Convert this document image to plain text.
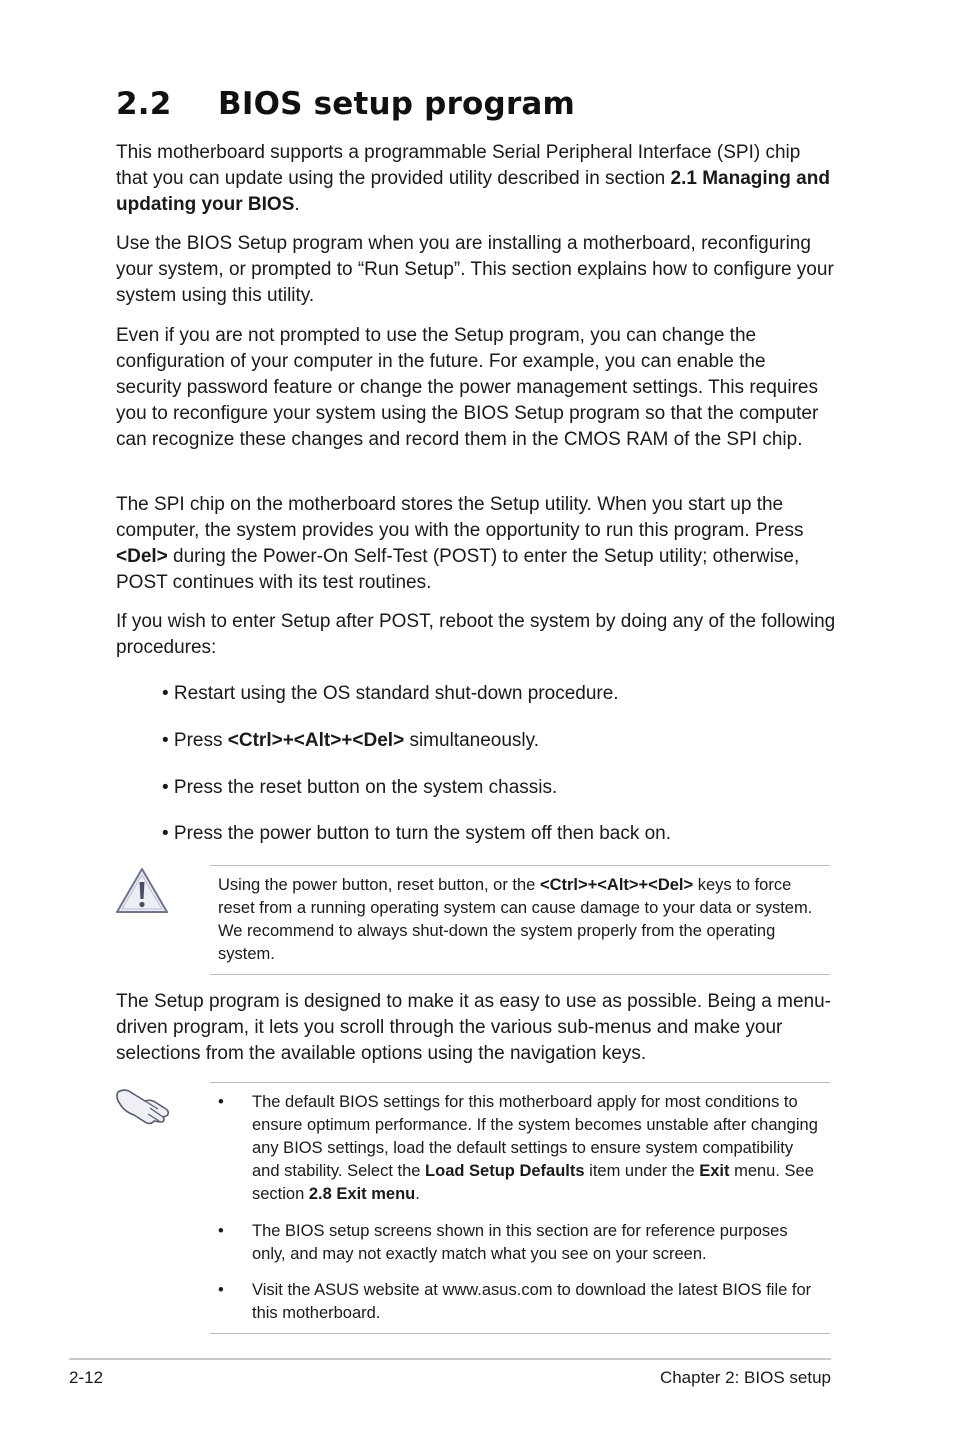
2.2 BIOS setup program

This motherboard supports a programmable Serial Peripheral Interface (SPI) chip that you can update using the provided utility described in section 2.1 Managing and updating your BIOS.

Use the BIOS Setup program when you are installing a motherboard, reconfiguring your system, or prompted to “Run Setup”. This section explains how to configure your system using this utility.

Even if you are not prompted to use the Setup program, you can change the configuration of your computer in the future. For example, you can enable the security password feature or change the power management settings. This requires you to reconfigure your system using the BIOS Setup program so that the computer can recognize these changes and record them in the CMOS RAM of the SPI chip.

The SPI chip on the motherboard stores the Setup utility. When you start up the computer, the system provides you with the opportunity to run this program. Press <Del> during the Power-On Self-Test (POST) to enter the Setup utility; otherwise, POST continues with its test routines.

If you wish to enter Setup after POST, reboot the system by doing any of the following procedures:

• Restart using the OS standard shut-down procedure.

• Press <Ctrl>+<Alt>+<Del> simultaneously.

• Press the reset button on the system chassis.

• Press the power button to turn the system off then back on.

Using the power button, reset button, or the <Ctrl>+<Alt>+<Del> keys to force reset from a running operating system can cause damage to your data or system. We recommend to always shut-down the system properly from the operating system.

The Setup program is designed to make it as easy to use as possible. Being a menu-driven program, it lets you scroll through the various sub-menus and make your selections from the available options using the navigation keys.

• The default BIOS settings for this motherboard apply for most conditions to ensure optimum performance. If the system becomes unstable after changing any BIOS settings, load the default settings to ensure system compatibility and stability. Select the Load Setup Defaults item under the Exit menu. See section 2.8 Exit menu.
• The BIOS setup screens shown in this section are for reference purposes only, and may not exactly match what you see on your screen.
• Visit the ASUS website at www.asus.com to download the latest BIOS file for this motherboard.
2-12	Chapter 2: BIOS setup
